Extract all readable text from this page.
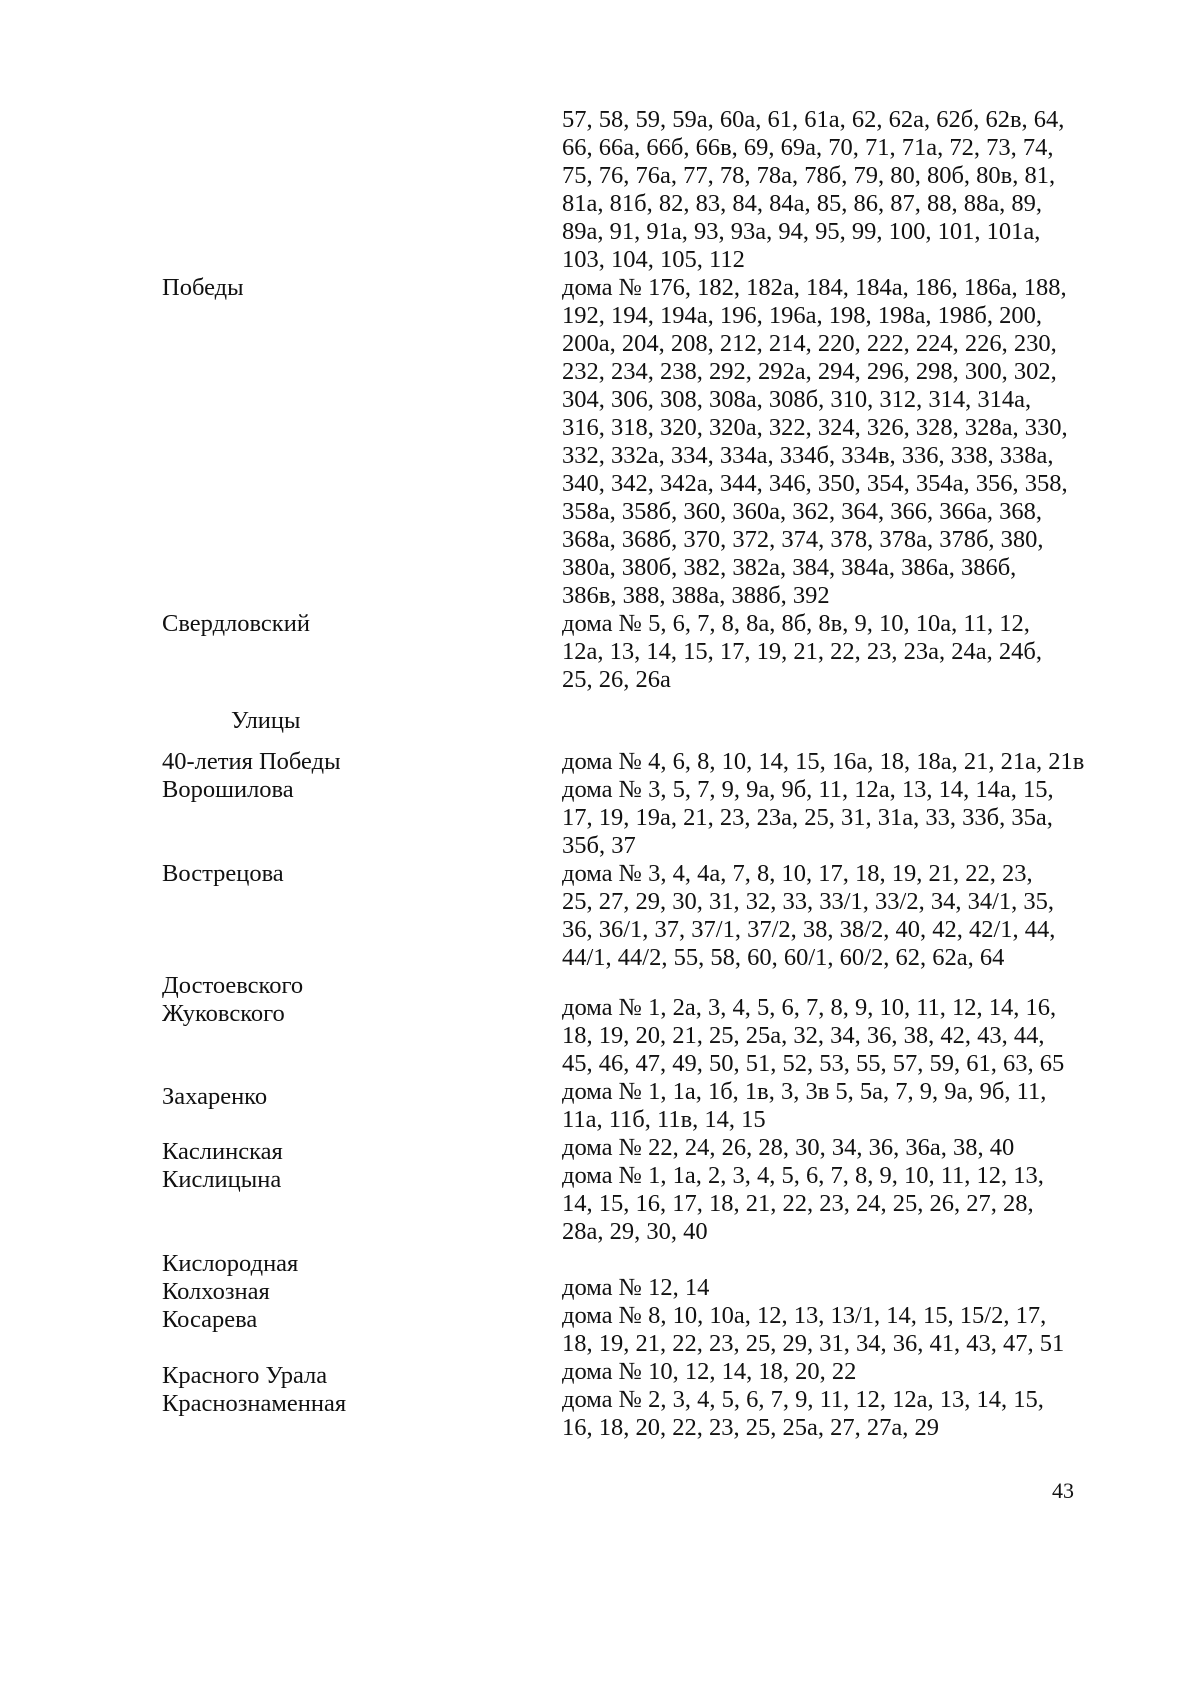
57, 58, 59, 59а, 60а, 61, 61а, 62, 62а, 62б, 62в, 64,
66, 66а, 66б, 66в, 69, 69а, 70, 71, 71а, 72, 73, 74,
75, 76, 76а, 77, 78, 78а, 78б, 79, 80, 80б, 80в, 81,
81а, 81б, 82, 83, 84, 84а, 85, 86, 87, 88, 88а, 89,
89а, 91, 91а, 93, 93а, 94, 95, 99, 100, 101, 101а,
103, 104, 105, 112
Победы	дома № 176, 182, 182а, 184, 184а, 186, 186а, 188,
192, 194, 194а, 196, 196а, 198, 198а, 198б, 200,
200а, 204, 208, 212, 214, 220, 222, 224, 226, 230,
232, 234, 238, 292, 292а, 294, 296, 298, 300, 302,
304, 306, 308, 308а, 308б, 310, 312, 314, 314а,
316, 318, 320, 320а, 322, 324, 326, 328, 328а, 330,
332, 332а, 334, 334а, 334б, 334в, 336, 338, 338а,
340, 342, 342а, 344, 346, 350, 354, 354а, 356, 358,
358а, 358б, 360, 360а, 362, 364, 366, 366а, 368,
368а, 368б, 370, 372, 374, 378, 378а, 378б, 380,
380а, 380б, 382, 382а, 384, 384а, 386а, 386б,
386в, 388, 388а, 388б, 392
Свердловский	дома № 5, 6, 7, 8, 8а, 8б, 8в, 9, 10, 10а, 11, 12,
12а, 13, 14, 15, 17, 19, 21, 22, 23, 23а, 24а, 24б,
25, 26, 26а
Улицы
40-летия Победы	дома № 4, 6, 8, 10, 14, 15, 16а, 18, 18а, 21, 21а, 21в
Ворошилова	дома № 3, 5, 7, 9, 9а, 9б, 11, 12а, 13, 14, 14а, 15,
17, 19, 19а, 21, 23, 23а, 25, 31, 31а, 33, 33б, 35а,
35б, 37
Вострецова	дома № 3, 4, 4а, 7, 8, 10, 17, 18, 19, 21, 22, 23,
25, 27, 29, 30, 31, 32, 33, 33/1, 33/2, 34, 34/1, 35,
36, 36/1, 37, 37/1, 37/2, 38, 38/2, 40, 42, 42/1, 44,
44/1, 44/2, 55, 58, 60, 60/1, 60/2, 62, 62а, 64
Достоевского
Жуковского	дома № 1, 2а, 3, 4, 5, 6, 7, 8, 9, 10, 11, 12, 14, 16,
18, 19, 20, 21, 25, 25а, 32, 34, 36, 38, 42, 43, 44,
45, 46, 47, 49, 50, 51, 52, 53, 55, 57, 59, 61, 63, 65
Захаренко	дома № 1, 1а, 1б, 1в, 3, 3в 5, 5а, 7, 9, 9а, 9б, 11,
11а, 11б, 11в, 14, 15
Каслинская	дома № 22, 24, 26, 28, 30, 34, 36, 36а, 38, 40
Кислицына	дома № 1, 1а, 2, 3, 4, 5, 6, 7, 8, 9, 10, 11, 12, 13,
14, 15, 16, 17, 18, 21, 22, 23, 24, 25, 26, 27, 28,
28а, 29, 30, 40
Кислородная
Колхозная	дома № 12, 14
Косарева	дома № 8, 10, 10а, 12, 13, 13/1, 14, 15, 15/2, 17,
18, 19, 21, 22, 23, 25, 29, 31, 34, 36, 41, 43, 47, 51
Красного Урала	дома № 10, 12, 14, 18, 20, 22
Краснознаменная	дома № 2, 3, 4, 5, 6, 7, 9, 11, 12, 12а, 13, 14, 15,
16, 18, 20, 22, 23, 25, 25а, 27, 27а, 29
43
